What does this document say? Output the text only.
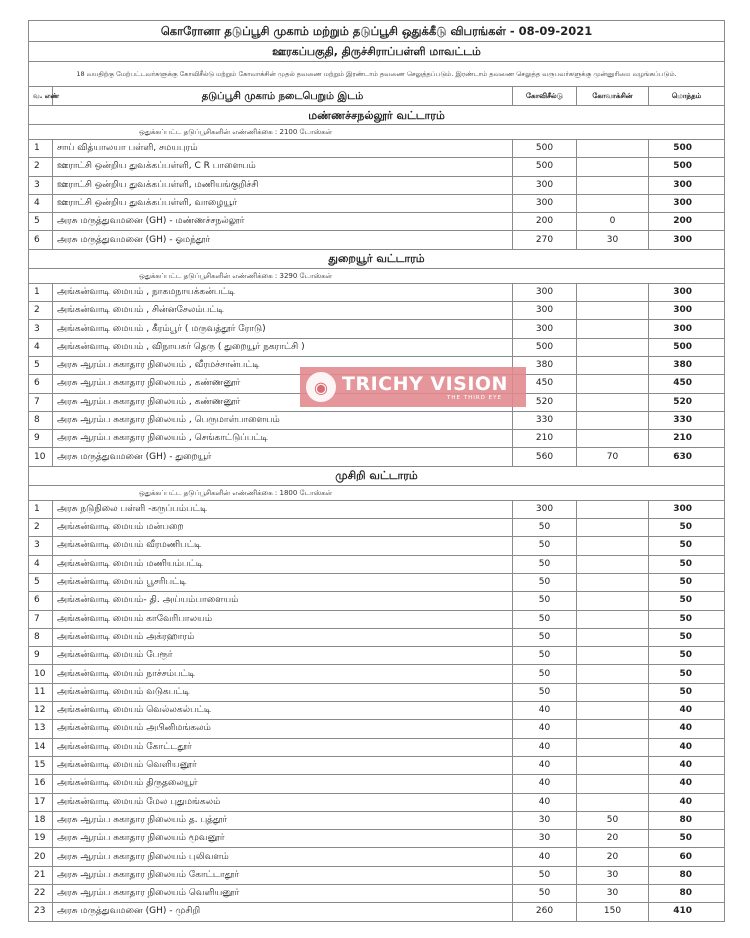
கொரோனா தடுப்பூசி முகாம் மற்றும் தடுப்பூசி ஒதுக்கீடு விபரங்கள் - 08-09-2021				
ஊரகப்பகுதி, திருச்சிராப்பள்ளி மாவட்டம்				
18 வயதிற்கு மேற்பட்டவர்களுக்கு கோவிசீல்டு மற்றும் கோவாக்சின் முதல் தவணை மற்றும் இரண்டாம் தவணை செலுத்தப்படும். இரண்டாம் தவணை செலுத்த வருபவர்களுக்கு முன்னுரிமை வழங்கப்படும்.				
வ. எண்	தடுப்பூசி முகாம் நடைபெறும் இடம்	கோவிசீல்டு	கோவாக்சின்	மொத்தம்
மண்ணச்சநல்லூர் வட்டாரம்				
ஒதுக்கப்பட்ட தடுப்பூசிகளின் எண்ணிக்கை : 2100 டோஸ்கள்				
1	சாய் வித்யாலயா பள்ளி, சமயபுரம்	500		500
2	ஊராட்சி ஒன்றிய துவக்கப்பள்ளி, C R பாளையம்	500		500
3	ஊராட்சி ஒன்றிய துவக்கப்பள்ளி, மணியங்குறிச்சி	300		300
4	ஊராட்சி ஒன்றிய துவக்கப்பள்ளி, வாழையூர்	300		300
5	அரசு மருத்துவமனை (GH) - மண்ணச்சநல்லூர்	200	0	200
6	அரசு மருத்துவமனை (GH) - ஓமந்தூர்	270	30	300
துறையூர் வட்டாரம்				
ஒதுக்கப்பட்ட தடுப்பூசிகளின் எண்ணிக்கை : 3290 டோஸ்கள்				
1	அங்கன்வாடி மையம் , நாகமநாயக்கன்பட்டி	300		300
2	அங்கன்வாடி மையம் , சின்னசேலம்பட்டி	300		300
3	அங்கன்வாடி மையம் , கீரம்பூர் ( மருவத்தூர் ரோடு)	300		300
4	அங்கன்வாடி மையம் , விநாயகர் தெரு ( துறையூர் நகராட்சி )	500		500
5	அரசு ஆரம்ப சுகாதார நிலையம் , வீரமச்சான்பட்டி	380		380
6	அரசு ஆரம்ப சுகாதார நிலையம் , கண்ணனூர்	450		450
7	அரசு ஆரம்ப சுகாதார நிலையம் , கண்ணனூர்	520		520
8	அரசு ஆரம்ப சுகாதார நிலையம் , பெருமாள்பாளையம்	330		330
9	அரசு ஆரம்ப சுகாதார நிலையம் , செங்காட்டுப்பட்டி	210		210
10	அரசு மருத்துவமனை (GH) - துறையூர்	560	70	630
முசிறி வட்டாரம்				
ஒதுக்கப்பட்ட தடுப்பூசிகளின் எண்ணிக்கை : 1800 டோஸ்கள்				
1	அரசு நடுநிலை பள்ளி -கருப்பம்பட்டி	300		300
2	அங்கன்வாடி மையம் மன்பறை	50		50
3	அங்கன்வாடி மையம் வீரமணிபட்டி	50		50
4	அங்கன்வாடி மையம் மணியம்பட்டி	50		50
5	அங்கன்வாடி மையம் பூசரிபட்டி	50		50
6	அங்கன்வாடி மையம்- தி. அய்யம்பாளையம்	50		50
7	அங்கன்வாடி மையம் காவேரிபாலயம்	50		50
8	அங்கன்வாடி மையம் அக்ரஹாரம்	50		50
9	அங்கன்வாடி மையம் பேரூர்	50		50
10	அங்கன்வாடி மையம் நாச்சம்பட்டி	50		50
11	அங்கன்வாடி மையம் வடுகபட்டி	50		50
12	அங்கன்வாடி மையம் வெல்லகல்பட்டி	40		40
13	அங்கன்வாடி மையம் அபினிமங்கலம்	40		40
14	அங்கன்வாடி மையம் கோட்டதூர்	40		40
15	அங்கன்வாடி மையம் வெளியனூர்	40		40
16	அங்கன்வாடி மையம் திருதலையூர்	40		40
17	அங்கன்வாடி மையம் மேல புதுமங்கலம்	40		40
18	அரசு ஆரம்ப சுகாதார நிலையம் த. புத்தூர்	30	50	80
19	அரசு ஆரம்ப சுகாதார நிலையம் மூவனூர்	30	20	50
20	அரசு ஆரம்ப சுகாதார நிலையம் புலிவளம்	40	20	60
21	அரசு ஆரம்ப சுகாதார நிலையம் கோட்டாதூர்	50	30	80
22	அரசு ஆரம்ப சுகாதார நிலையம் வெளியனூர்	50	30	80
23	அரசு மருத்துவமனை (GH) - முசிறி	260	150	410
◉ TRICHY VISION
THE THIRD EYE
